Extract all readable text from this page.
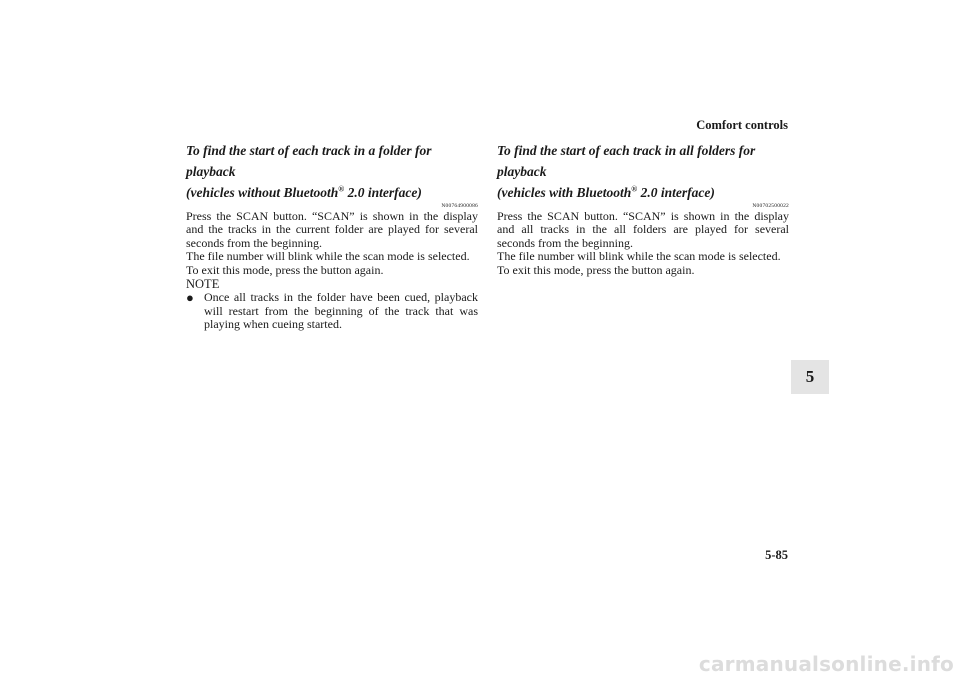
Comfort controls
To find the start of each track in a folder for playback
(vehicles without Bluetooth® 2.0 interface)
N00764900086

Press the SCAN button. “SCAN” is shown in the display and the tracks in the current folder are played for several seconds from the beginning.

The file number will blink while the scan mode is selected.

To exit this mode, press the button again.

NOTE
● Once all tracks in the folder have been cued, playback will restart from the beginning of the track that was playing when cueing started.
To find the start of each track in all folders for playback
(vehicles with Bluetooth® 2.0 interface)
N00702500022

Press the SCAN button. “SCAN” is shown in the display and all tracks in the all folders are played for several seconds from the beginning.

The file number will blink while the scan mode is selected.

To exit this mode, press the button again.

5
5-85
carmanualsonline.info
